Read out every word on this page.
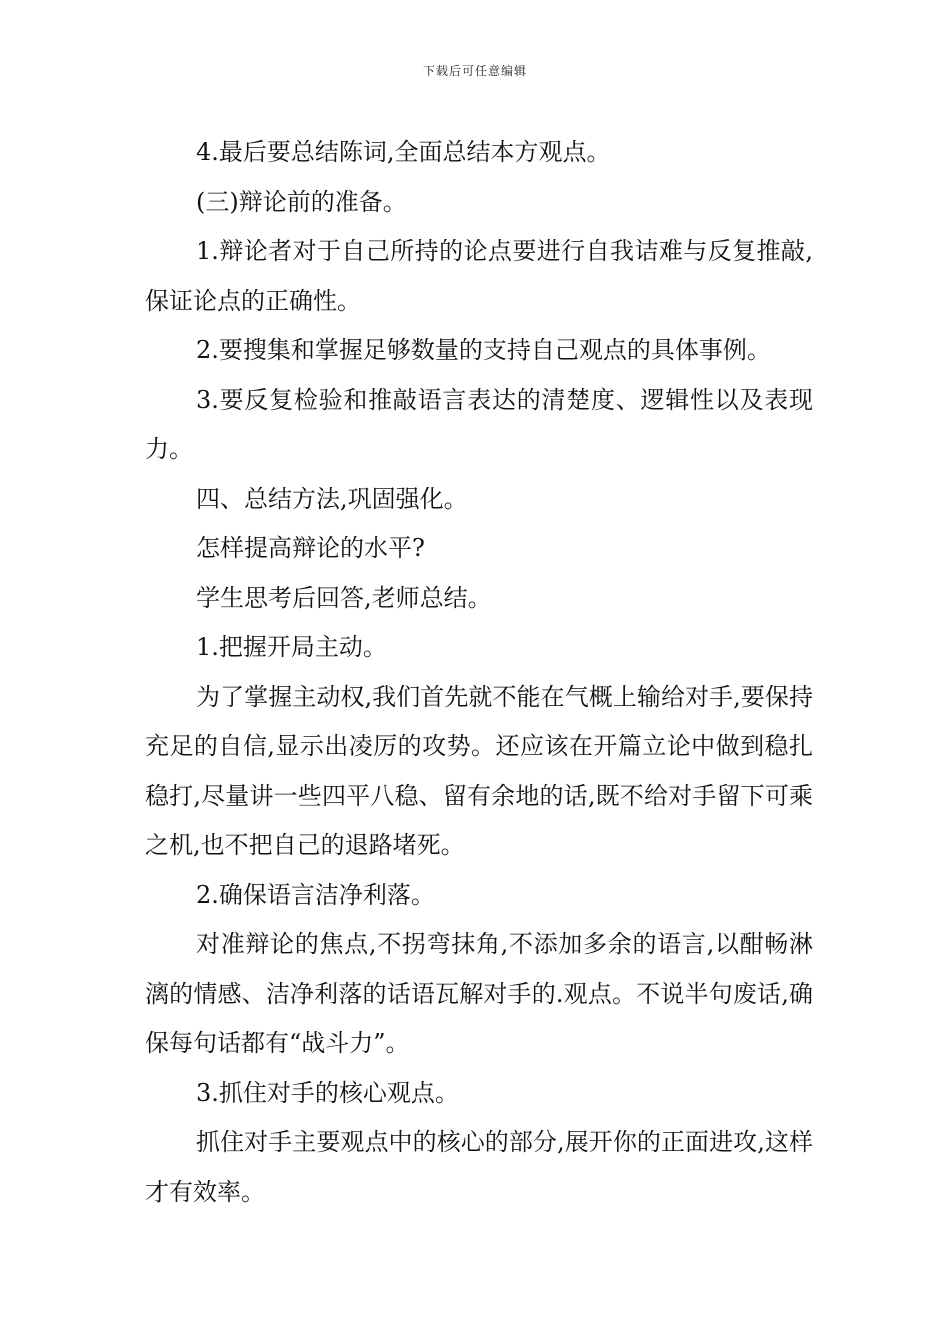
下载后可任意编辑

4.最后要总结陈词,全面总结本方观点。

(三)辩论前的准备。

1.辩论者对于自己所持的论点要进行自我诘难与反复推敲,保证论点的正确性。

2.要搜集和掌握足够数量的支持自己观点的具体事例。

3.要反复检验和推敲语言表达的清楚度、逻辑性以及表现力。

四、总结方法,巩固强化。

怎样提高辩论的水平?

学生思考后回答,老师总结。

1.把握开局主动。

为了掌握主动权,我们首先就不能在气概上输给对手,要保持充足的自信,显示出凌厉的攻势。还应该在开篇立论中做到稳扎稳打,尽量讲一些四平八稳、留有余地的话,既不给对手留下可乘之机,也不把自己的退路堵死。

2.确保语言洁净利落。

对准辩论的焦点,不拐弯抹角,不添加多余的语言,以酣畅淋漓的情感、洁净利落的话语瓦解对手的.观点。不说半句废话,确保每句话都有“战斗力”。

3.抓住对手的核心观点。

抓住对手主要观点中的核心的部分,展开你的正面进攻,这样才有效率。
